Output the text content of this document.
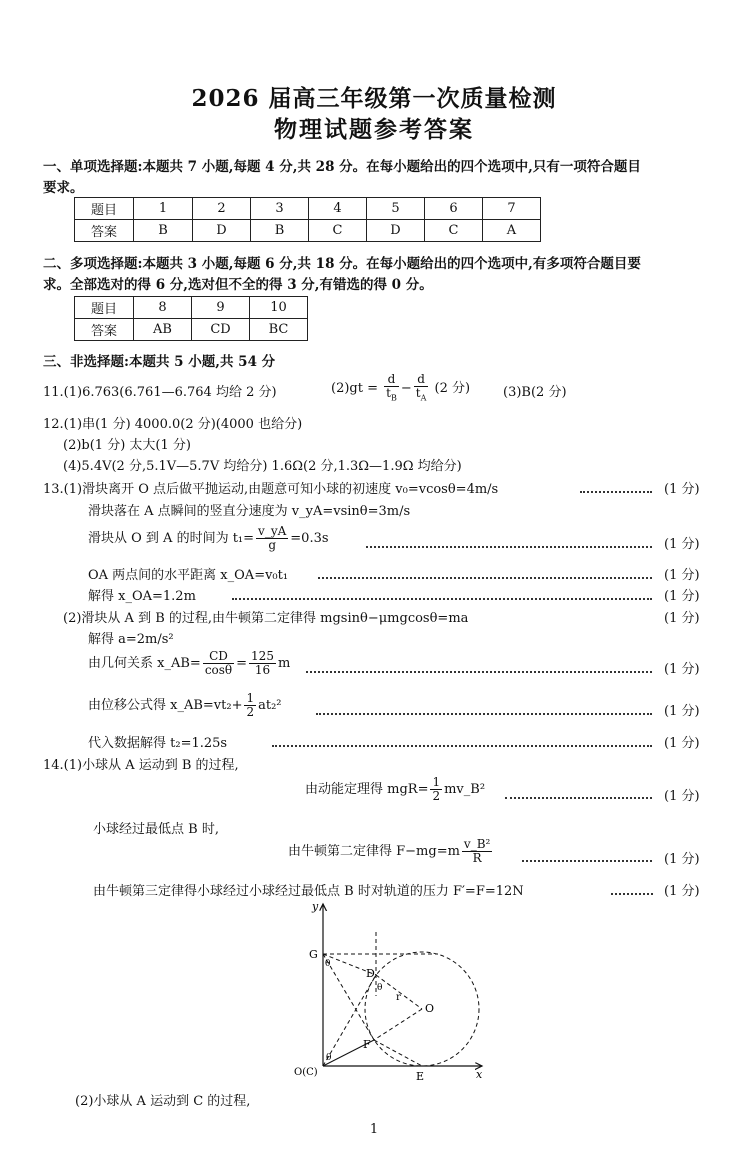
2026 届高三年级第一次质量检测
物理试题参考答案
一、单项选择题:本题共 7 小题,每题 4 分,共 28 分。在每小题给出的四个选项中,只有一项符合题目
要求。
题目	1	2	3	4	5	6	7
答案	B	D	B	C	D	C	A
二、多项选择题:本题共 3 小题,每题 6 分,共 18 分。在每小题给出的四个选项中,有多项符合题目要
求。全部选对的得 6 分,选对但不全的得 3 分,有错选的得 0 分。
题目	8	9	10
答案	AB	CD	BC
三、非选择题:本题共 5 小题,共 54 分
11.(1)6.763(6.761—6.764 均给 2 分)	$(2)gt = \frac{d}{t_B} - \frac{d}{t_A} (2$ 分)	(3)B(2 分)
12.(1)串(1 分) 4000.0(2 分)(4000 也给分)
(2)b(1 分) 太大(1 分)
(4)5.4V(2 分,5.1V—5.7V 均给分) 1.6Ω(2 分,1.3Ω—1.9Ω 均给分)
13.(1)滑块离开 O 点后做平抛运动,由题意可知小球的初速度 v₀=vcosθ=4m/s	(1 分)
滑块落在 A 点瞬间的竖直分速度为 v_yA=vsinθ=3m/s
滑块从 O 到 A 的时间为 $t_1= \frac{v\_yA}{g} =0.3s$	(1 分)
OA 两点间的水平距离 x_OA=v₀t₁	(1 分)
解得 x_OA=1.2m	(1 分)
(2)滑块从 A 到 B 的过程,由牛顿第二定律得 mgsinθ−μmgcosθ=ma	(1 分)
解得 a=2m/s²
由几何关系 x_AB= $\frac{CD}{\cos\theta} = \frac{125}{16}$ m	(1 分)
由位移公式得 x_AB=vt₂+ $\frac{1}{2} at_2^2$	(1 分)
代入数据解得 t₂=1.25s	(1 分)
14.(1)小球从 A 运动到 B 的过程,
由动能定理得 $mgR= \frac{1}{2}$ mv_B²	(1 分)
小球经过最低点 B 时,
由牛顿第二定律得 $F-mg=m \frac{\text{v\_B²}}{R}$	(1 分)
由牛顿第三定律得小球经过小球经过最低点 B 时对轨道的压力 F′=F=12N	(1 分)
y
x
G
θ
D
θ
r
O
F
θ
E
O(C)
(2)小球从 A 运动到 C 的过程,
1
